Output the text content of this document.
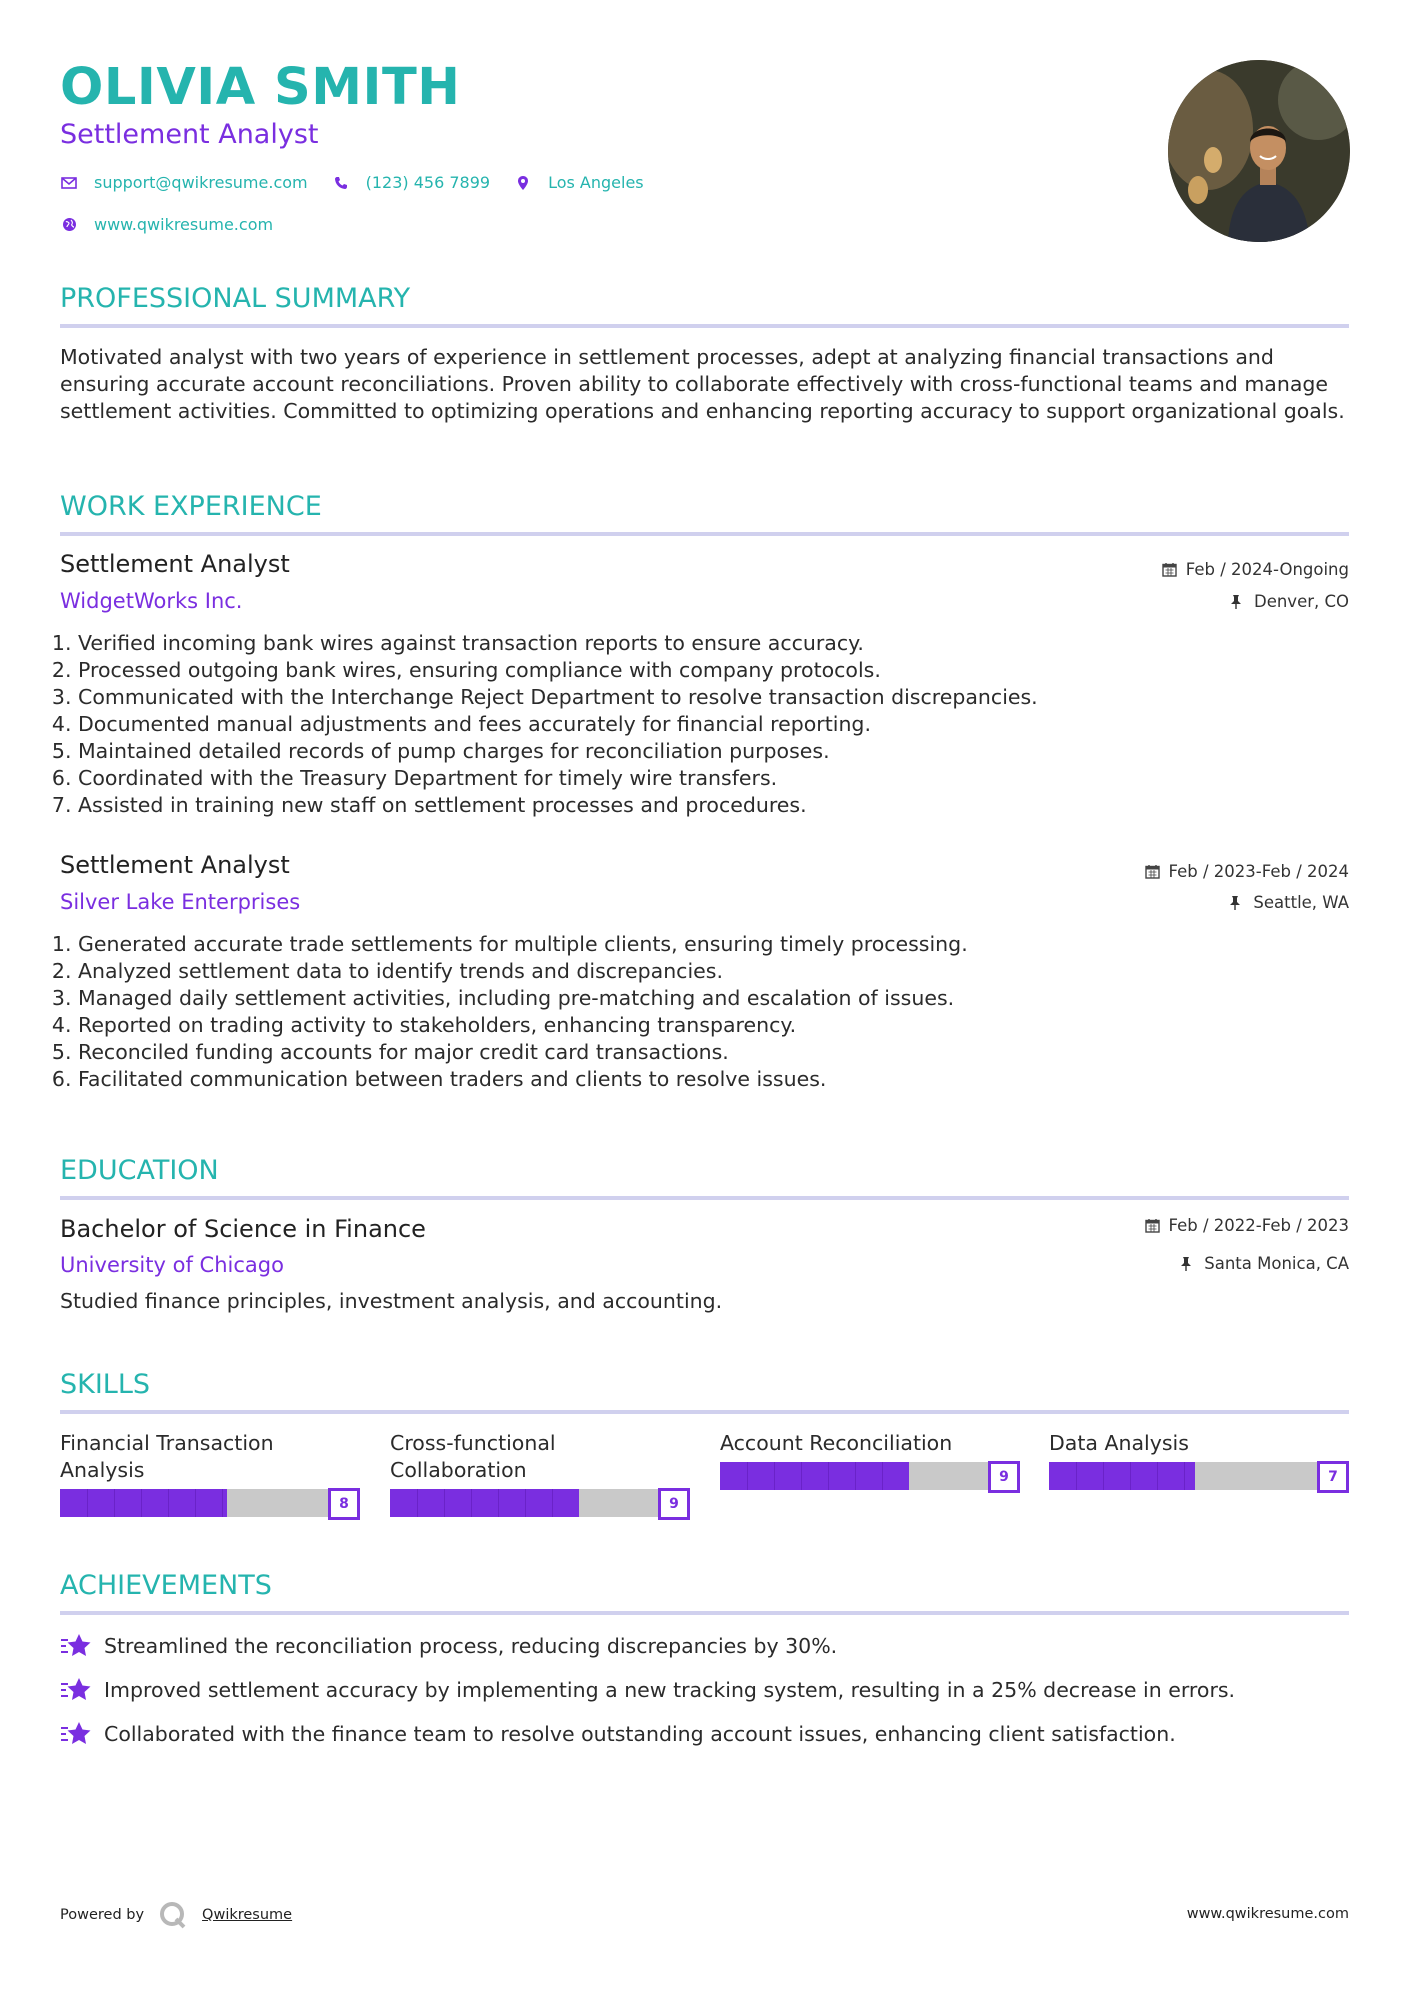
OLIVIA SMITH
Settlement Analyst
support@qwikresume.com	(123) 456 7899	Los Angeles
www.qwikresume.com
PROFESSIONAL SUMMARY

Motivated analyst with two years of experience in settlement processes, adept at analyzing financial transactions and ensuring accurate account reconciliations. Proven ability to collaborate effectively with cross-functional teams and manage settlement activities. Committed to optimizing operations and enhancing reporting accuracy to support organizational goals.

WORK EXPERIENCE
Settlement Analyst
WidgetWorks Inc.
Feb / 2024-Ongoing
Denver, CO
1. Verified incoming bank wires against transaction reports to ensure accuracy.
2. Processed outgoing bank wires, ensuring compliance with company protocols.
3. Communicated with the Interchange Reject Department to resolve transaction discrepancies.
4. Documented manual adjustments and fees accurately for financial reporting.
5. Maintained detailed records of pump charges for reconciliation purposes.
6. Coordinated with the Treasury Department for timely wire transfers.
7. Assisted in training new staff on settlement processes and procedures.
Settlement Analyst
Silver Lake Enterprises
Feb / 2023-Feb / 2024
Seattle, WA
1. Generated accurate trade settlements for multiple clients, ensuring timely processing.
2. Analyzed settlement data to identify trends and discrepancies.
3. Managed daily settlement activities, including pre-matching and escalation of issues.
4. Reported on trading activity to stakeholders, enhancing transparency.
5. Reconciled funding accounts for major credit card transactions.
6. Facilitated communication between traders and clients to resolve issues.
EDUCATION
Bachelor of Science in Finance
University of Chicago
Feb / 2022-Feb / 2023
Santa Monica, CA
Studied finance principles, investment analysis, and accounting.
SKILLS
Financial Transaction Analysis
8
Cross-functional Collaboration
9
Account Reconciliation
9
Data Analysis
7
ACHIEVEMENTS
Streamlined the reconciliation process, reducing discrepancies by 30%.
Improved settlement accuracy by implementing a new tracking system, resulting in a 25% decrease in errors.
Collaborated with the finance team to resolve outstanding account issues, enhancing client satisfaction.
Powered by	Qwikresume	www.qwikresume.com
